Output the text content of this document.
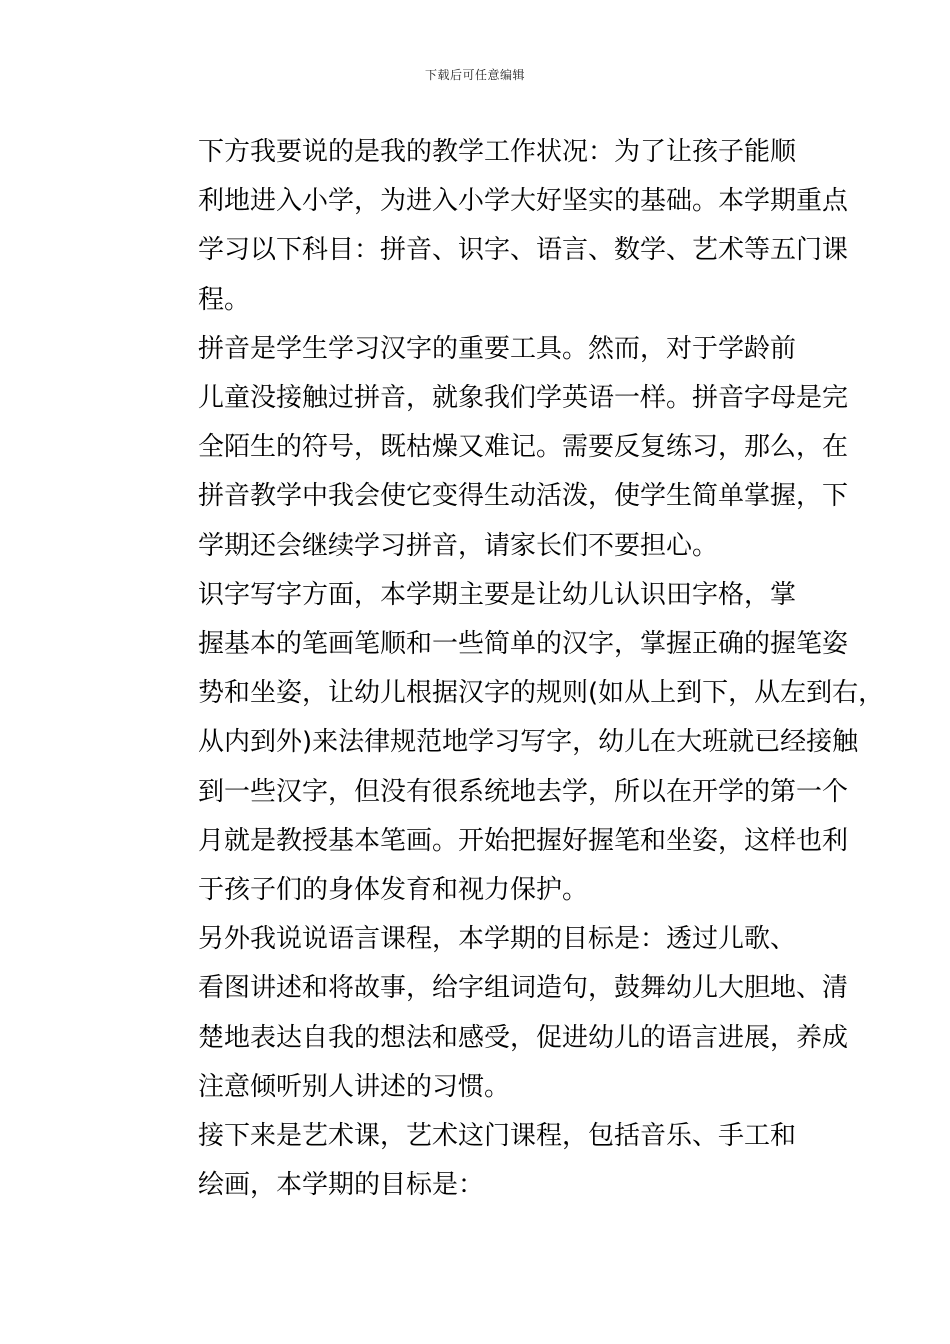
下载后可任意编辑

下方我要说的是我的教学工作状况：为了让孩子能顺
利地进入小学，为进入小学大好坚实的基础。本学期重点
学习以下科目：拼音、识字、语言、数学、艺术等五门课
程。

拼音是学生学习汉字的重要工具。然而，对于学龄前
儿童没接触过拼音，就象我们学英语一样。拼音字母是完
全陌生的符号，既枯燥又难记。需要反复练习，那么，在
拼音教学中我会使它变得生动活泼，使学生简单掌握，下
学期还会继续学习拼音，请家长们不要担心。

识字写字方面，本学期主要是让幼儿认识田字格，掌
握基本的笔画笔顺和一些简单的汉字，掌握正确的握笔姿
势和坐姿，让幼儿根据汉字的规则(如从上到下，从左到右，
从内到外)来法律规范地学习写字，幼儿在大班就已经接触
到一些汉字，但没有很系统地去学，所以在开学的第一个
月就是教授基本笔画。开始把握好握笔和坐姿，这样也利
于孩子们的身体发育和视力保护。

另外我说说语言课程，本学期的目标是：透过儿歌、
看图讲述和将故事，给字组词造句，鼓舞幼儿大胆地、清
楚地表达自我的想法和感受，促进幼儿的语言进展，养成
注意倾听别人讲述的习惯。

接下来是艺术课，艺术这门课程，包括音乐、手工和
绘画，本学期的目标是：
